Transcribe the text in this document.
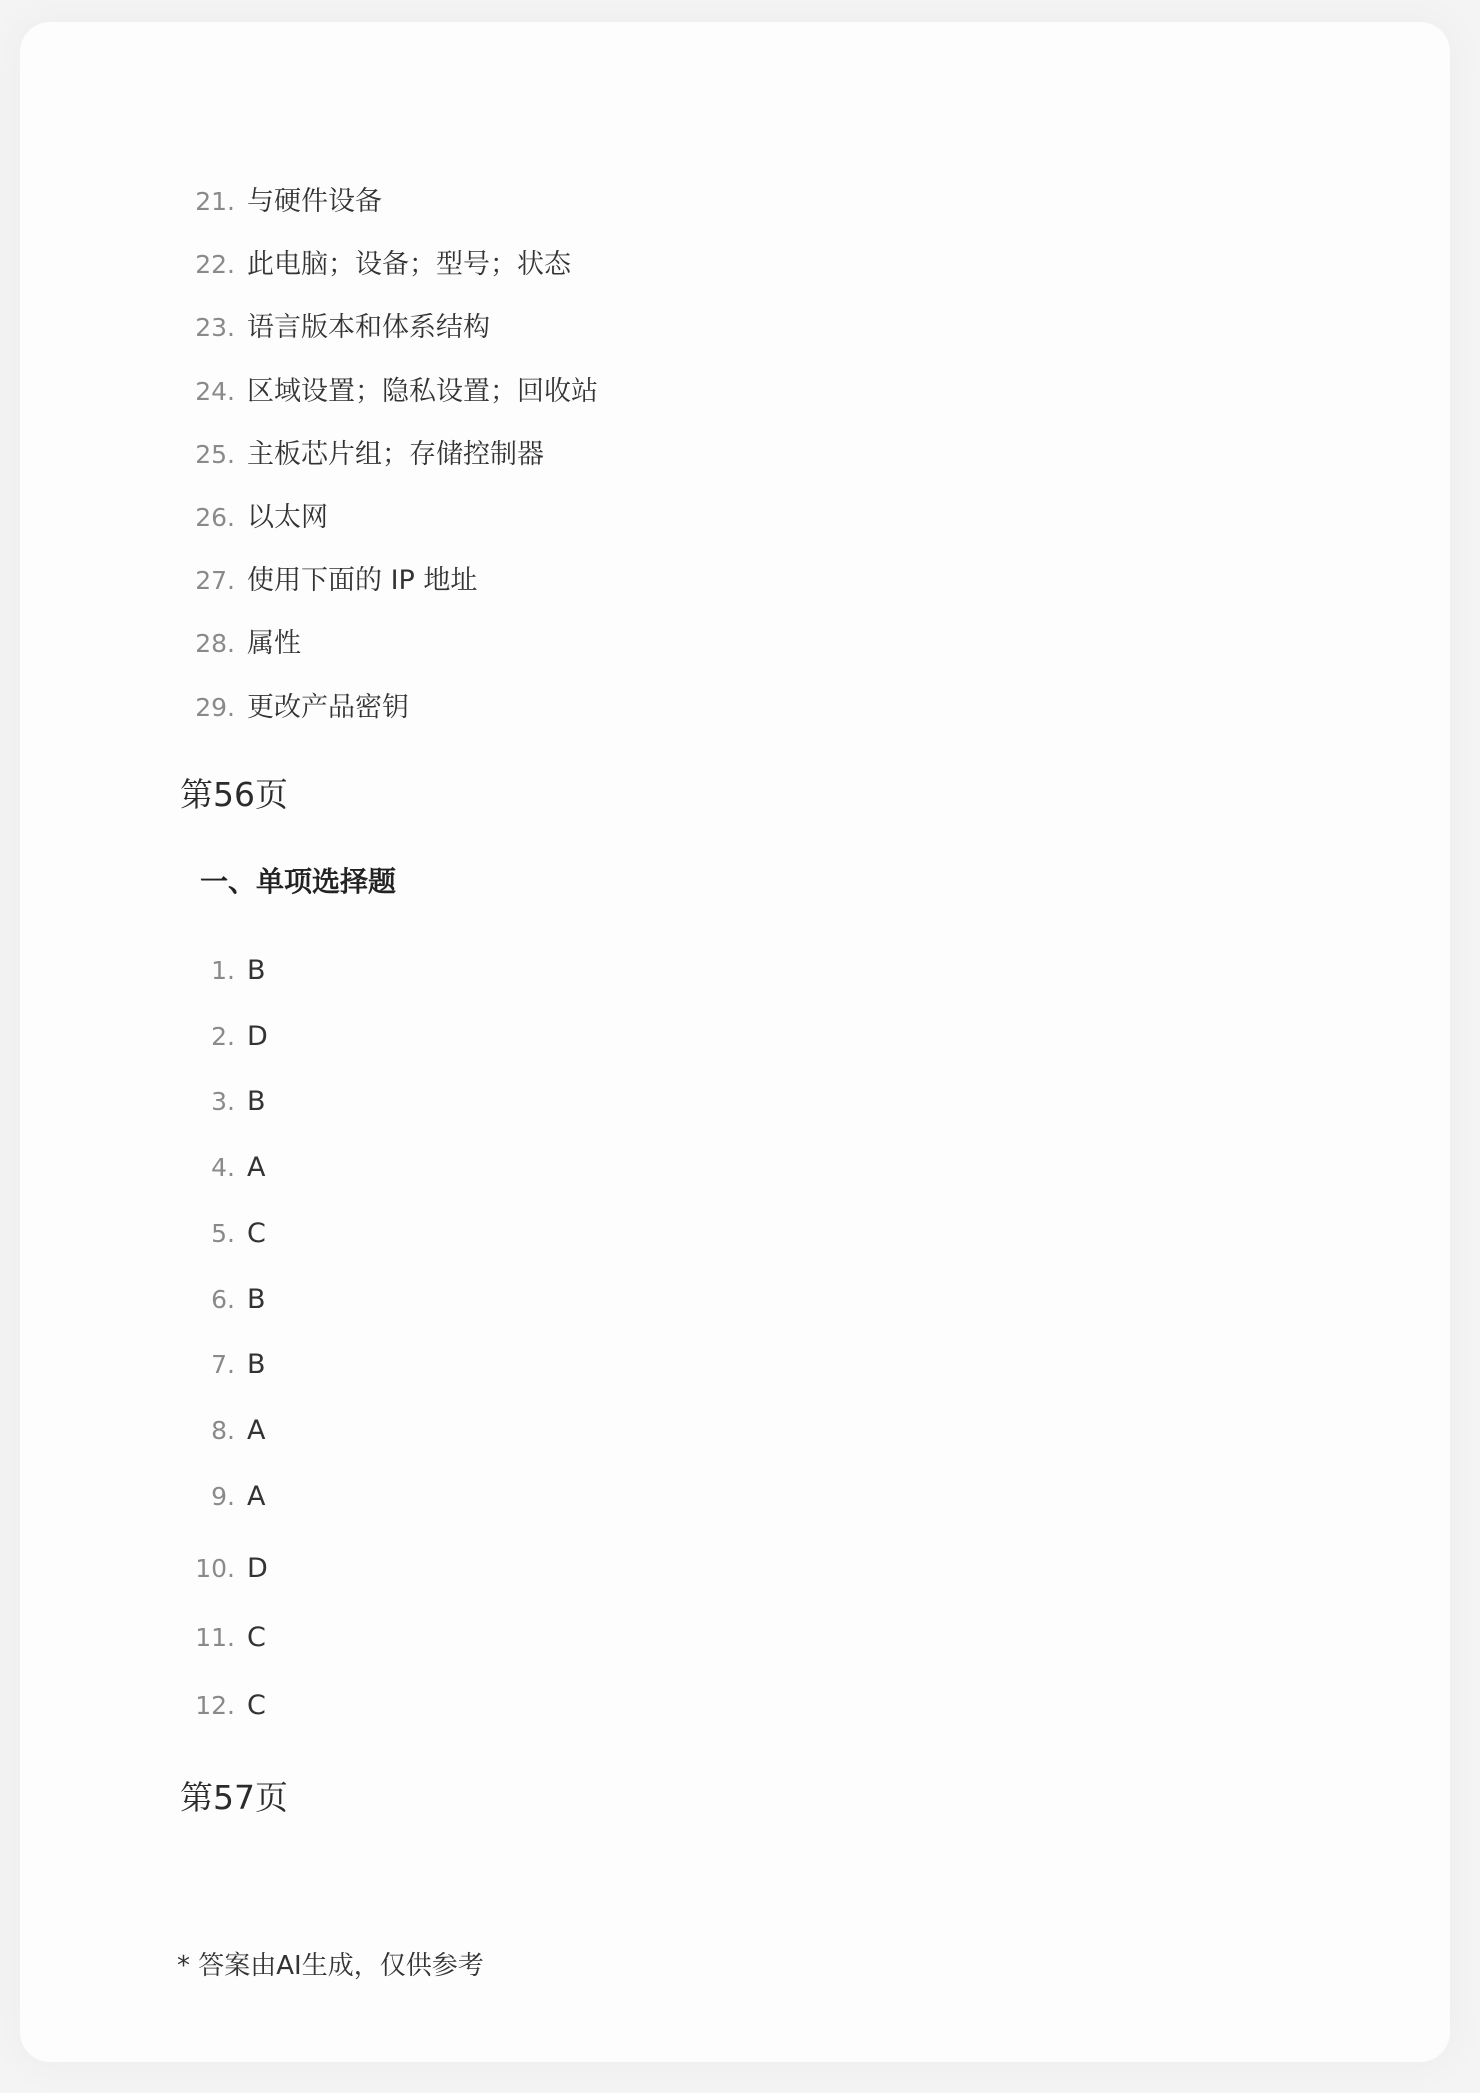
21. 与硬件设备
22. 此电脑；设备；型号；状态
23. 语言版本和体系结构
24. 区域设置；隐私设置；回收站
25. 主板芯片组；存储控制器
26. 以太网
27. 使用下面的 IP 地址
28. 属性
29. 更改产品密钥
第56页
一、单项选择题
1. B
2. D
3. B
4. A
5. C
6. B
7. B
8. A
9. A
10. D
11. C
12. C
第57页
* 答案由AI生成，仅供参考
